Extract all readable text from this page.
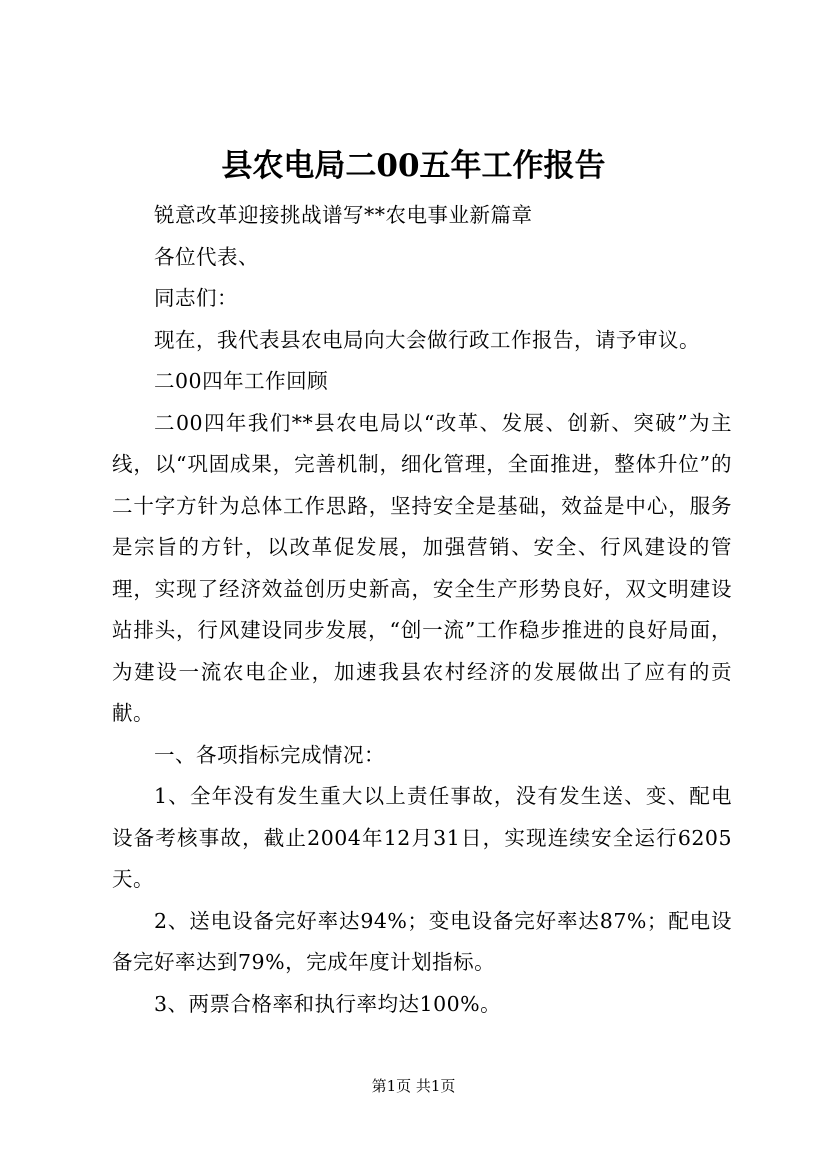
县农电局二00五年工作报告

锐意改革迎接挑战谱写**农电事业新篇章

各位代表、

同志们：

现在，我代表县农电局向大会做行政工作报告，请予审议。

二00四年工作回顾

二00四年我们**县农电局以“改革、发展、创新、突破”为主线，以“巩固成果，完善机制，细化管理，全面推进，整体升位”的二十字方针为总体工作思路，坚持安全是基础，效益是中心，服务是宗旨的方针，以改革促发展，加强营销、安全、行风建设的管理，实现了经济效益创历史新高，安全生产形势良好，双文明建设站排头，行风建设同步发展，“创一流”工作稳步推进的良好局面，为建设一流农电企业，加速我县农村经济的发展做出了应有的贡献。

一、各项指标完成情况：

1、全年没有发生重大以上责任事故，没有发生送、变、配电设备考核事故，截止2004年12月31日，实现连续安全运行6205天。

2、送电设备完好率达94%；变电设备完好率达87%；配电设备完好率达到79%，完成年度计划指标。

3、两票合格率和执行率均达100%。

第1页 共1页
